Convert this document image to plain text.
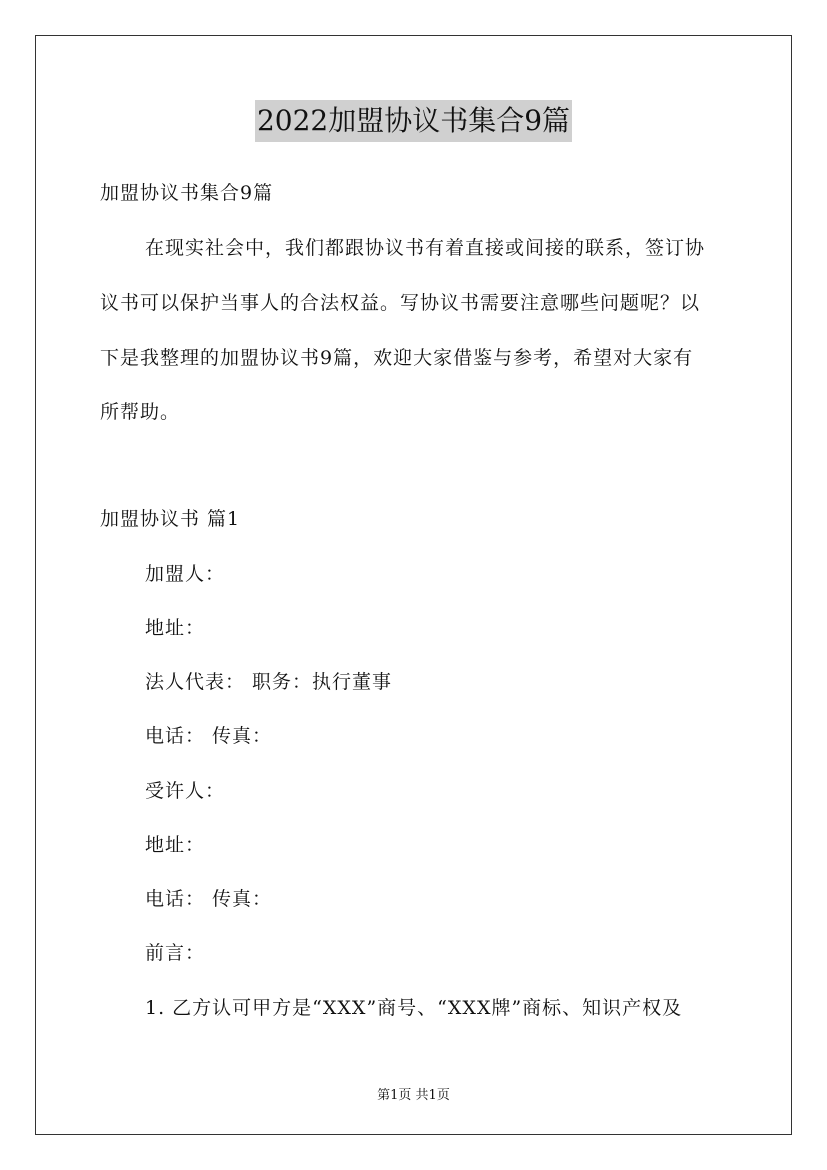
2022加盟协议书集合9篇
加盟协议书集合9篇
在现实社会中，我们都跟协议书有着直接或间接的联系，签订协
议书可以保护当事人的合法权益。写协议书需要注意哪些问题呢？以
下是我整理的加盟协议书9篇，欢迎大家借鉴与参考，希望对大家有
所帮助。
加盟协议书 篇1
加盟人：
地址：
法人代表： 职务：执行董事
电话： 传真：
受许人：
地址：
电话： 传真：
前言：
1. 乙方认可甲方是“XXX”商号、“XXX牌”商标、知识产权及
第1页 共1页
